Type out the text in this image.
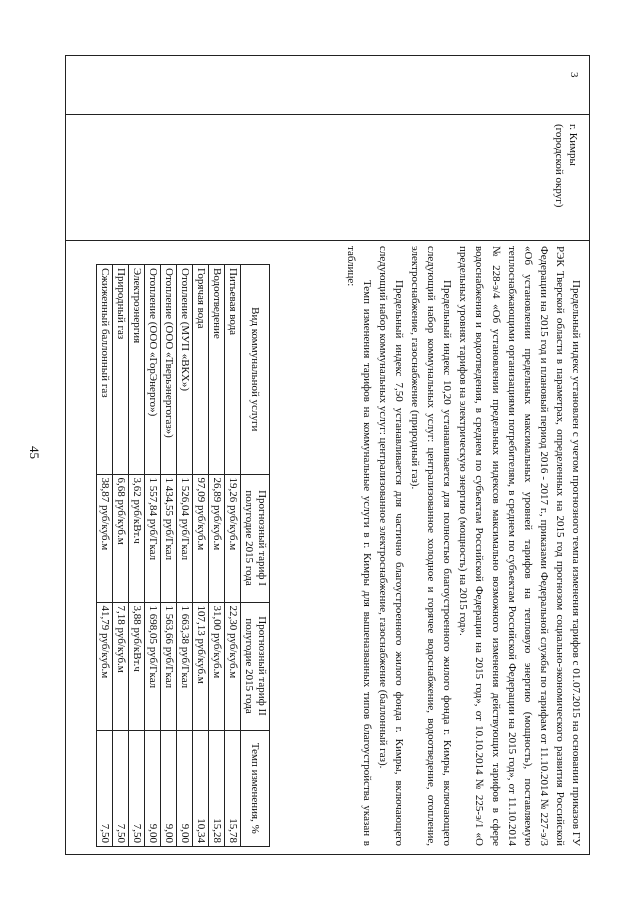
45
3
г. Кимры
(городской округ)

Предельный индекс установлен с учетом прогнозного темпа изменения тарифов с 01.07.2015 на основании приказов ГУ РЭК Тверской области в параметрах, определенных на 2015 год прогнозом социально-экономического развития Российской Федерации на 2015 год и плановый период 2016 - 2017 г., приказами Федеральной службы по тарифам от 11.10.2014 № 227-э/3 «Об установлении предельных максимальных уровней тарифов на тепловую энергию (мощность), поставляемую теплоснабжающими организациями потребителям, в среднем по субъектам Российской Федерации на 2015 год», от 11.10.2014 № 228-э/4 «Об установлении предельных индексов максимально возможного изменения действующих тарифов в сфере водоснабжения и водоотведения, в среднем по субъектам Российской Федерации на 2015 год», от 10.10.2014 № 225-э/1 «О предельных уровнях тарифов на электрическую энергию (мощность) на 2015 год».

Предельный индекс 10,20 устанавливается для полностью благоустроенного жилого фонда г. Кимры, включающего следующий набор коммунальных услуг: централизованное холодное и горячее водоснабжение, водоотведение, отопление, электроснабжение, газоснабжение (природный газ).

Предельный индекс 7,50 устанавливается для частично благоустроенного жилого фонда г. Кимры, включающего следующий набор коммунальных услуг: централизованное электроснабжение, газоснабжение (баллонный газ).

Темп изменения тарифов на коммунальные услуги в г. Кимры для вышеназванных типов благоустройства указан в таблице:

Вид коммунальной услуги	Прогнозный тариф I полугодие 2015 года	Прогнозный тариф II полугодие 2015 года	Темп изменения, %
Питьевая вода	19,26 руб/куб.м	22,30 руб/куб.м	15,78
Водоотведение	26,89 руб/куб.м	31,00 руб/куб.м	15,28
Горячая вода	97,09 руб/куб.м	107,13 руб/куб.м	10,34
Отопление (МУП «ВКХ»)	1 526,04 руб/Гкал	1 663,38 руб/Гкал	9,00
Отопление (ООО «Тверьэнергогаз»)	1 434,55 руб/Гкал	1 563,66 руб/Гкал	9,00
Отопление (ООО «ГорЭнерго»)	1 557,84 руб/Гкал	1 698,05 руб/Гкал	9,00
Электроэнергия	3,62 руб/кВт.ч	3,88 руб/кВт.ч	7,50
Природный газ	6,68 руб/куб.м	7,18 руб/куб.м	7,50
Сжиженный баллонный газ	38,87 руб/куб.м	41,79 руб/куб.м	7,50
